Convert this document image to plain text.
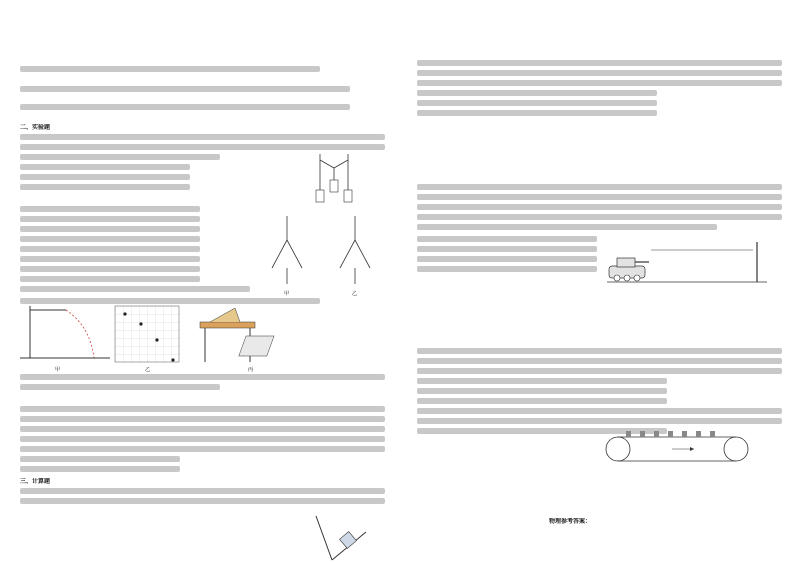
二、实验题
甲	乙
甲	乙	丙
三、计算题
物理参考答案：
